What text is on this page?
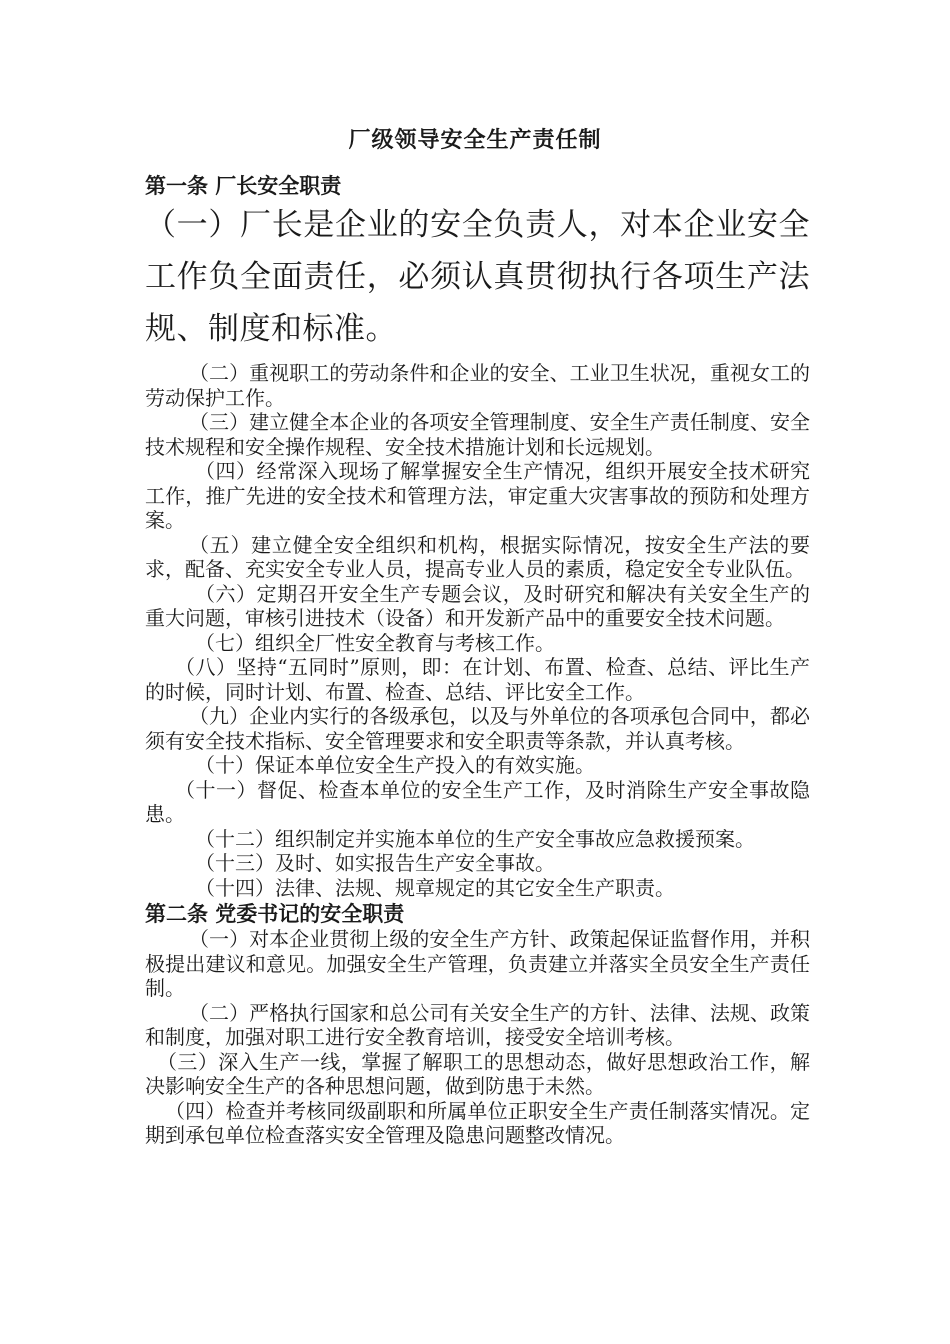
厂级领导安全生产责任制

第一条 厂长安全职责

（一）厂长是企业的安全负责人，对本企业安全工作负全面责任，必须认真贯彻执行各项生产法规、制度和标准。

（二）重视职工的劳动条件和企业的安全、工业卫生状况，重视女工的劳动保护工作。

（三）建立健全本企业的各项安全管理制度、安全生产责任制度、安全技术规程和安全操作规程、安全技术措施计划和长远规划。

（四）经常深入现场了解掌握安全生产情况，组织开展安全技术研究工作，推广先进的安全技术和管理方法，审定重大灾害事故的预防和处理方案。

（五）建立健全安全组织和机构，根据实际情况，按安全生产法的要求，配备、充实安全专业人员，提高专业人员的素质，稳定安全专业队伍。

（六）定期召开安全生产专题会议，及时研究和解决有关安全生产的重大问题，审核引进技术（设备）和开发新产品中的重要安全技术问题。

（七）组织全厂性安全教育与考核工作。

（八）坚持“五同时”原则，即：在计划、布置、检查、总结、评比生产的时候，同时计划、布置、检查、总结、评比安全工作。

（九）企业内实行的各级承包，以及与外单位的各项承包合同中，都必须有安全技术指标、安全管理要求和安全职责等条款，并认真考核。

（十）保证本单位安全生产投入的有效实施。

（十一）督促、检查本单位的安全生产工作，及时消除生产安全事故隐患。

（十二）组织制定并实施本单位的生产安全事故应急救援预案。

（十三）及时、如实报告生产安全事故。

（十四）法律、法规、规章规定的其它安全生产职责。

第二条 党委书记的安全职责

（一）对本企业贯彻上级的安全生产方针、政策起保证监督作用，并积极提出建议和意见。加强安全生产管理，负责建立并落实全员安全生产责任制。

（二）严格执行国家和总公司有关安全生产的方针、法律、法规、政策和制度，加强对职工进行安全教育培训，接受安全培训考核。

（三）深入生产一线，掌握了解职工的思想动态，做好思想政治工作，解决影响安全生产的各种思想问题，做到防患于未然。

（四）检查并考核同级副职和所属单位正职安全生产责任制落实情况。定期到承包单位检查落实安全管理及隐患问题整改情况。
